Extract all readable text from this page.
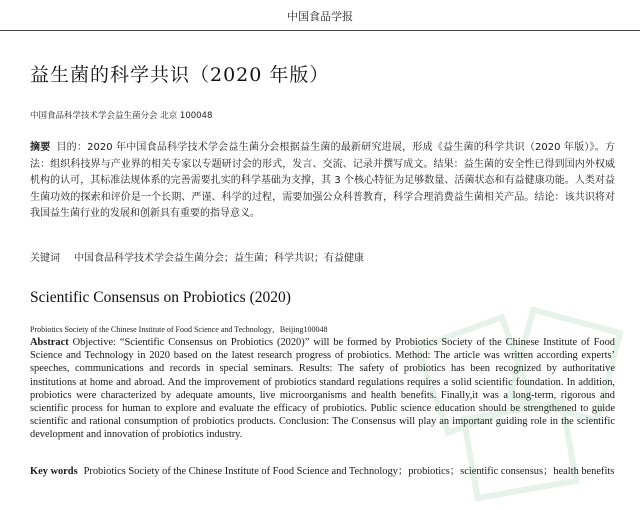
中国食品学报
益生菌的科学共识（2020 年版）
中国食品科学技术学会益生菌分会 北京 100048
摘要 目的：2020 年中国食品科学技术学会益生菌分会根据益生菌的最新研究进展，形成《益生菌的科学共识（2020 年版）》。方法：组织科技界与产业界的相关专家以专题研讨会的形式，发言、交流、记录并撰写成文。结果：益生菌的安全性已得到国内外权威机构的认可，其标准法规体系的完善需要扎实的科学基础为支撑，其 3 个核心特征为足够数量、活菌状态和有益健康功能。人类对益生菌功效的探索和评价是一个长期、严谨、科学的过程，需要加强公众科普教育，科学合理消费益生菌相关产品。结论：该共识将对我国益生菌行业的发展和创新具有重要的指导意义。
关键词 中国食品科学技术学会益生菌分会；益生菌；科学共识；有益健康
Scientific Consensus on Probiotics (2020)
Probiotics Society of the Chinese Institute of Food Science and Technology，Beijing100048
Abstract Objective: “Scientific Consensus on Probiotics (2020)” will be formed by Probiotics Society of the Chinese Institute of Food Science and Technology in 2020 based on the latest research progress of probiotics. Method: The article was written according experts’ speeches, communications and records in special seminars. Results: The safety of probiotics has been recognized by authoritative institutions at home and abroad. And the improvement of probiotics standard regulations requires a solid scientific foundation. In addition, probiotics were characterized by adequate amounts, live microorganisms and health benefits. Finally,it was a long-term, rigorous and scientific process for human to explore and evaluate the efficacy of probiotics. Public science education should be strengthened to guide scientific and rational consumption of probiotics products. Conclusion: The Consensus will play an important guiding role in the scientific development and innovation of probiotics industry.
Key words Probiotics Society of the Chinese Institute of Food Science and Technology；probiotics；scientific consensus；health benefits
